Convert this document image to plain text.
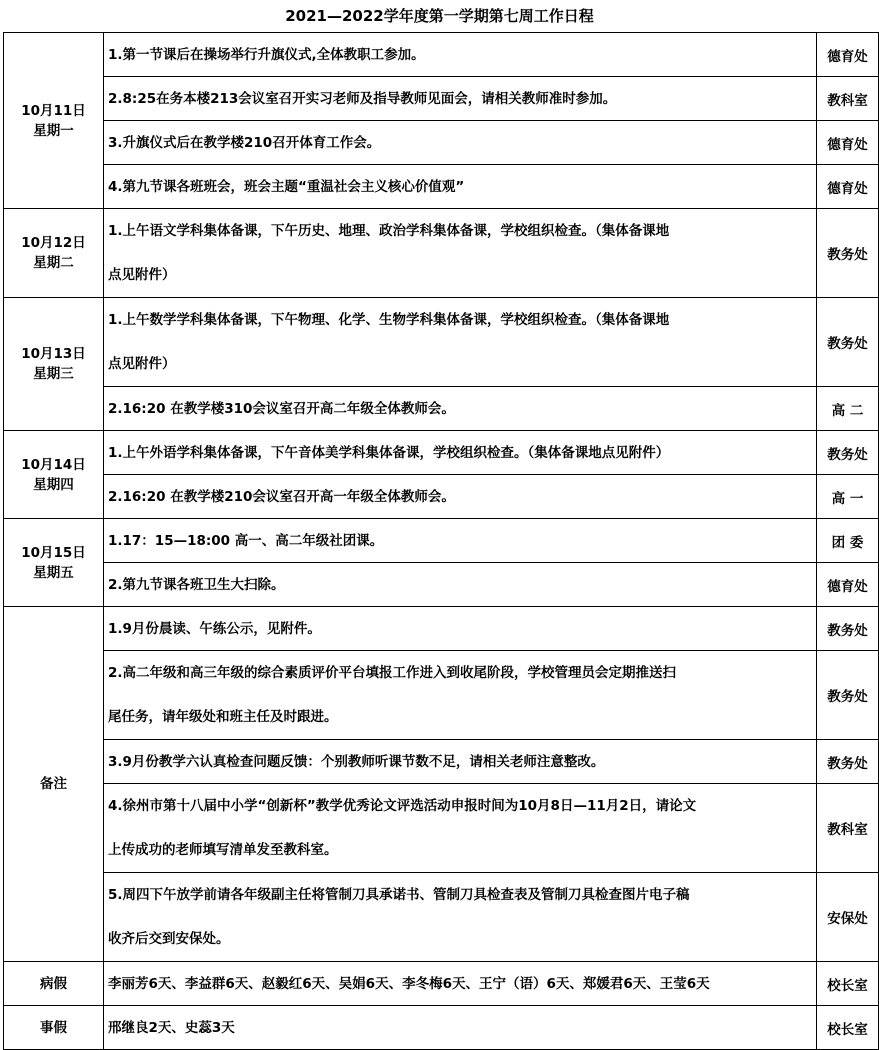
2021—2022学年度第一学期第七周工作日程
10月11日
星期一	1.第一节课后在操场举行升旗仪式,全体教职工参加。	德育处

	2.8:25在务本楼213会议室召开实习老师及指导教师见面会，请相关教师准时参加。	教科室

	3.升旗仪式后在教学楼210召开体育工作会。	德育处

	4.第九节课各班班会，班会主题“重温社会主义核心价值观”	德育处

10月12日
星期二	1.上午语文学科集体备课，下午历史、地理、政治学科集体备课，学校组织检查。（集体备课地
点见附件）	教务处

10月13日
星期三	1.上午数学学科集体备课，下午物理、化学、生物学科集体备课，学校组织检查。（集体备课地
点见附件）	教务处

	2.16:20 在教学楼310会议室召开高二年级全体教师会。	高 二

10月14日
星期四	1.上午外语学科集体备课，下午音体美学科集体备课，学校组织检查。（集体备课地点见附件）	教务处

	2.16:20 在教学楼210会议室召开高一年级全体教师会。	高 一

10月15日
星期五	1.17：15—18:00 高一、高二年级社团课。	团 委

	2.第九节课各班卫生大扫除。	德育处
备注	1.9月份晨读、午练公示，见附件。	教务处

	2.高二年级和高三年级的综合素质评价平台填报工作进入到收尾阶段，学校管理员会定期推送扫
尾任务，请年级处和班主任及时跟进。	教务处

	3.9月份教学六认真检查问题反馈：个别教师听课节数不足，请相关老师注意整改。	教务处

	4.徐州市第十八届中小学“创新杯”教学优秀论文评选活动申报时间为10月8日—11月2日，请论文
上传成功的老师填写清单发至教科室。	教科室

	5.周四下午放学前请各年级副主任将管制刀具承诺书、管制刀具检查表及管制刀具检查图片电子稿
收齐后交到安保处。	安保处
病假	李丽芳6天、李益群6天、赵毅红6天、吴娟6天、李冬梅6天、王宁（语）6天、郑媛君6天、王莹6天	校长室
事假	邢继良2天、史蕊3天	校长室
